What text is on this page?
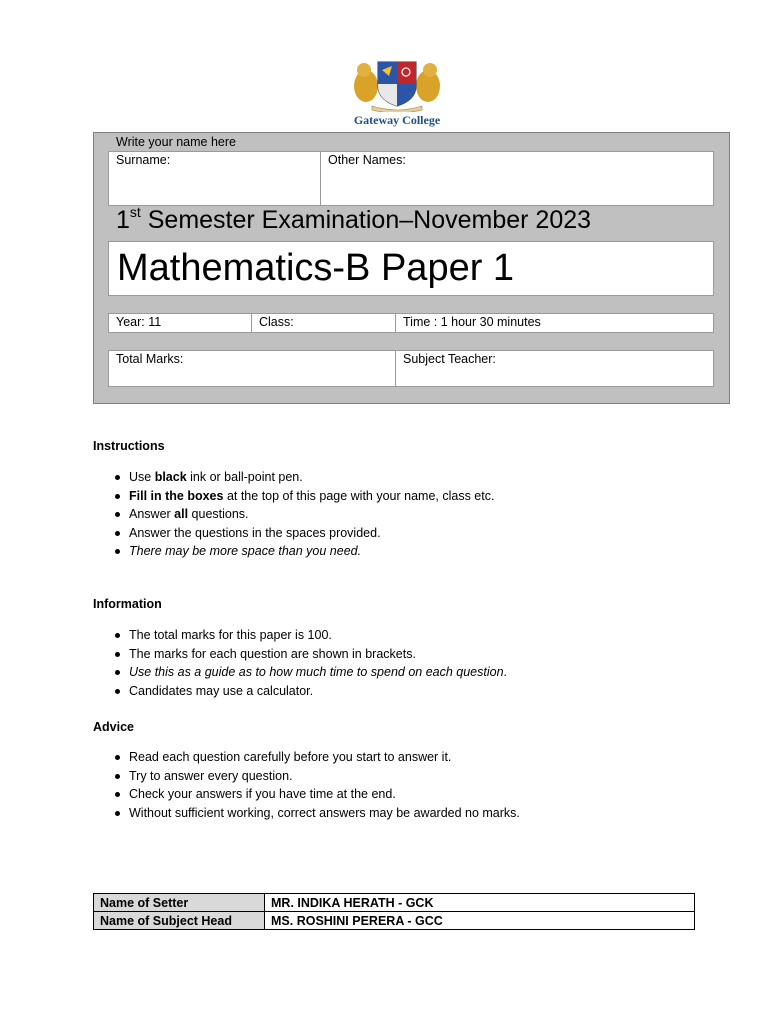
Gateway College
Write your name here
Surname:	Other Names:
1st Semester Examination–November 2023
Mathematics-B Paper 1
Year: 11	Class:	Time : 1 hour 30 minutes
Total Marks:	Subject Teacher:
Instructions
Use black ink or ball-point pen.
Fill in the boxes at the top of this page with your name, class etc.
Answer all questions.
Answer the questions in the spaces provided.
There may be more space than you need.
Information
The total marks for this paper is 100.
The marks for each question are shown in brackets.
Use this as a guide as to how much time to spend on each question.
Candidates may use a calculator.
Advice
Read each question carefully before you start to answer it.
Try to answer every question.
Check your answers if you have time at the end.
Without sufficient working, correct answers may be awarded no marks.
Name of Setter	MR. INDIKA HERATH - GCK
Name of Subject Head	MS. ROSHINI PERERA - GCC
